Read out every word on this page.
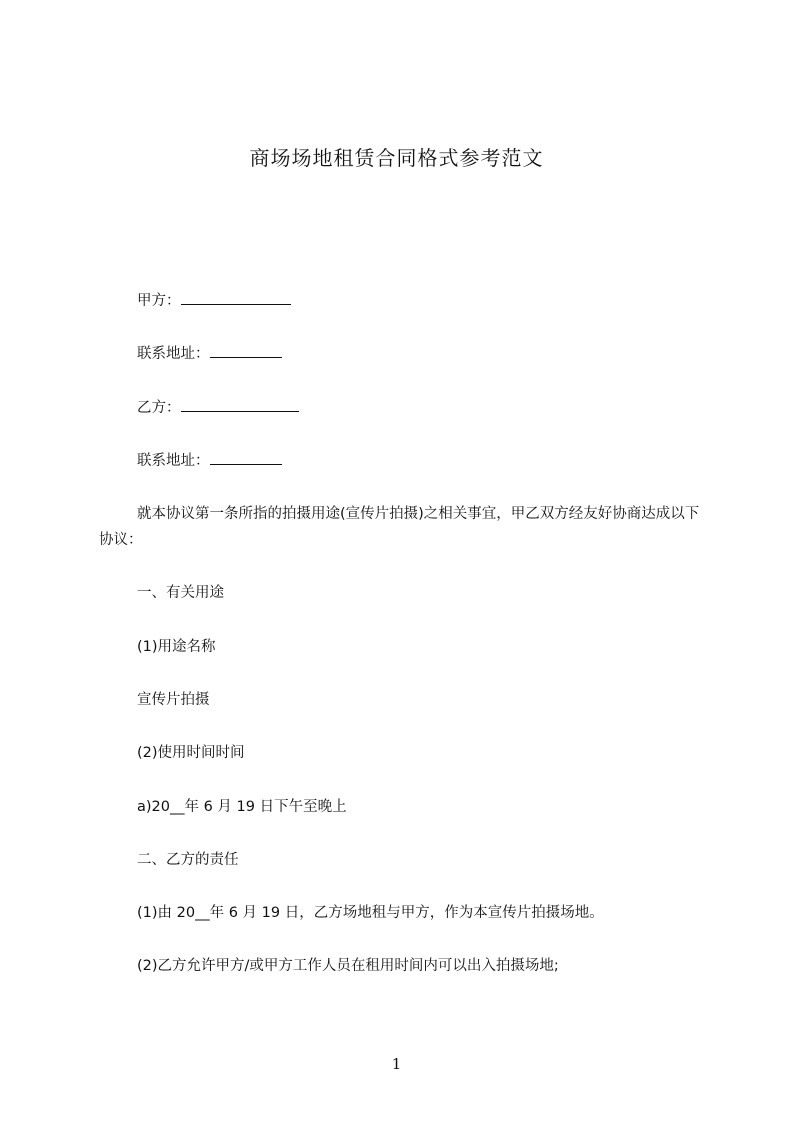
商场场地租赁合同格式参考范文
甲方：
联系地址：
乙方：
联系地址：
就本协议第一条所指的拍摄用途(宣传片拍摄)之相关事宜，甲乙双方经友好协商达成以下协议：
一、有关用途
(1)用途名称
宣传片拍摄
(2)使用时间时间
a)20__年 6 月 19 日下午至晚上
二、乙方的责任
(1)由 20__年 6 月 19 日，乙方场地租与甲方，作为本宣传片拍摄场地。
(2)乙方允许甲方/或甲方工作人员在租用时间内可以出入拍摄场地;
1
